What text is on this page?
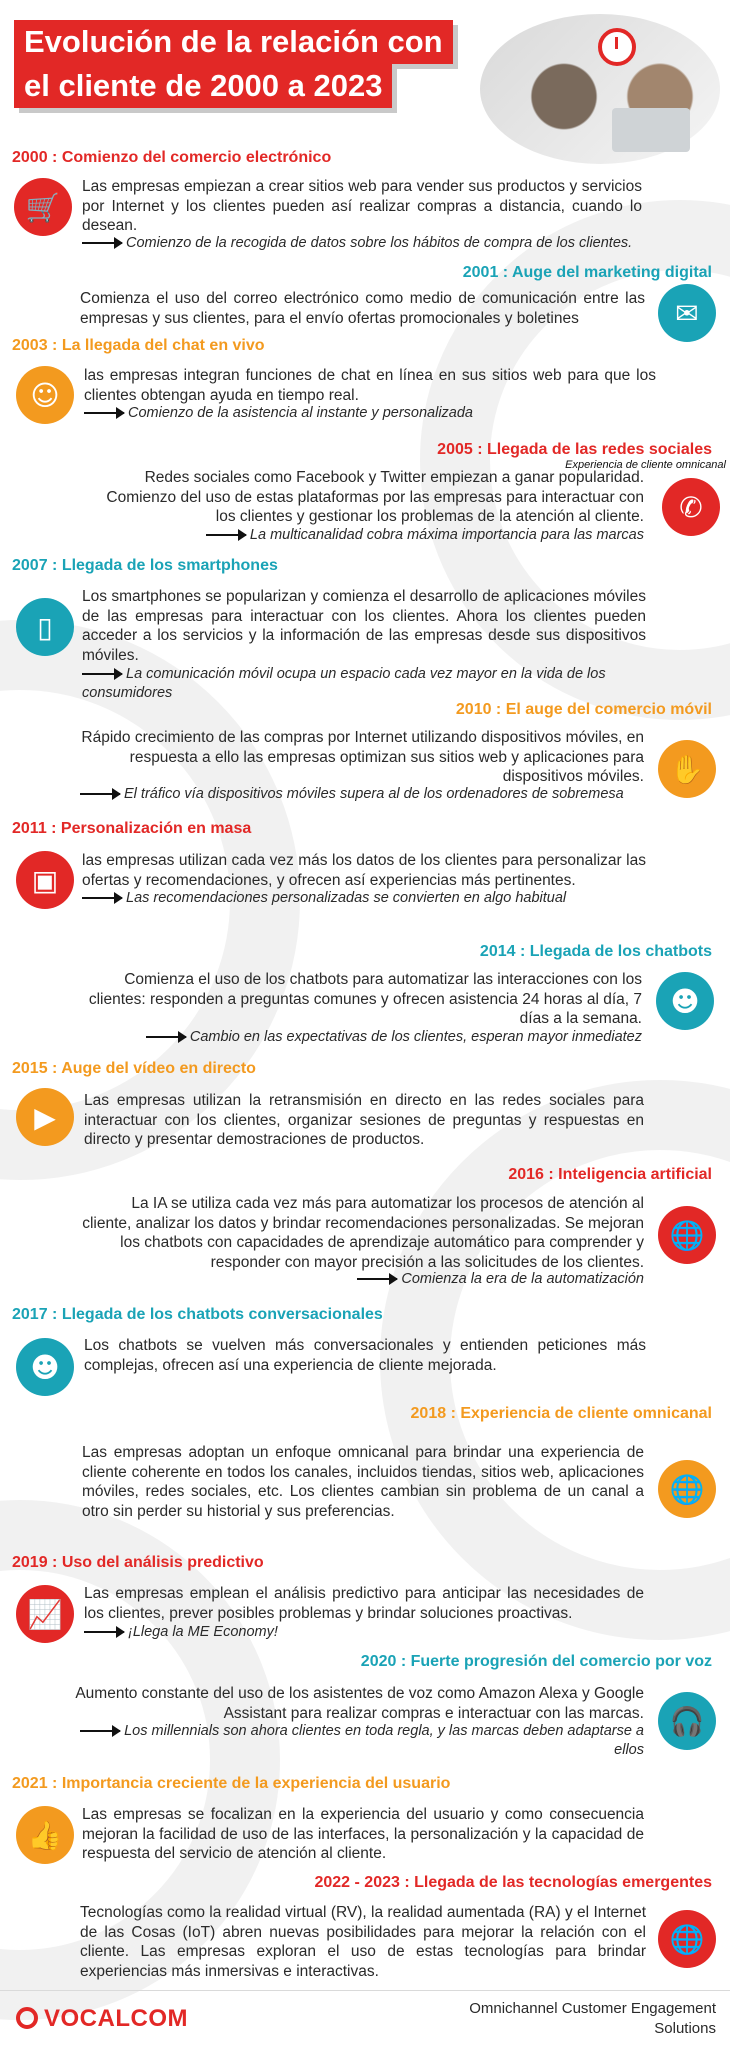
Evolución de la relación con
el cliente de 2000 a 2023
2000 : Comienzo del comercio electrónico
🛒
Las empresas empiezan a crear sitios web para vender sus productos y servicios por Internet y los clientes pueden así realizar compras a distancia, cuando lo desean.
Comienzo de la recogida de datos sobre los hábitos de compra de los clientes.
2001 : Auge del marketing digital
✉
Comienza el uso del correo electrónico como medio de comunicación entre las empresas y sus clientes, para el envío ofertas promocionales y boletines
2003 : La llegada del chat en vivo
☺
las empresas integran funciones de chat en línea en sus sitios web para que los clientes obtengan ayuda en tiempo real.
Comienzo de la asistencia al instante y personalizada
2005 : Llegada de las redes sociales
Experiencia de cliente omnicanal
✆
Redes sociales como Facebook y Twitter empiezan a ganar popularidad. Comienzo del uso de estas plataformas por las empresas para interactuar con los clientes y gestionar los problemas de la atención al cliente.
La multicanalidad cobra máxima importancia para las marcas
2007 : Llegada de los smartphones
▯
Los smartphones se popularizan y comienza el desarrollo de aplicaciones móviles de las empresas para interactuar con los clientes. Ahora los clientes pueden acceder a los servicios y la información de las empresas desde sus dispositivos móviles.
La comunicación móvil ocupa un espacio cada vez mayor en la vida de los consumidores
2010 : El auge del comercio móvil
✋
Rápido crecimiento de las compras por Internet utilizando dispositivos móviles, en respuesta a ello las empresas optimizan sus sitios web y aplicaciones para dispositivos móviles.
El tráfico vía dispositivos móviles supera al de los ordenadores de sobremesa
2011 : Personalización en masa
▣
las empresas utilizan cada vez más los datos de los clientes para personalizar las ofertas y recomendaciones, y ofrecen así experiencias más pertinentes.
Las recomendaciones personalizadas se convierten en algo habitual
2014 : Llegada de los chatbots
☻
Comienza el uso de los chatbots para automatizar las interacciones con los clientes: responden a preguntas comunes y ofrecen asistencia 24 horas al día, 7 días a la semana.
Cambio en las expectativas de los clientes, esperan mayor inmediatez
2015 : Auge del vídeo en directo
▶	Las empresas utilizan la retransmisión en directo en las redes sociales para interactuar con los clientes, organizar sesiones de preguntas y respuestas en directo y presentar demostraciones de productos.
2016 : Inteligencia artificial
🌐
La IA se utiliza cada vez más para automatizar los procesos de atención al cliente, analizar los datos y brindar recomendaciones personalizadas. Se mejoran los chatbots con capacidades de aprendizaje automático para comprender y responder con mayor precisión a las solicitudes de los clientes.
Comienza la era de la automatización
2017 : Llegada de los chatbots conversacionales
☻
Los chatbots se vuelven más conversacionales y entienden peticiones más complejas, ofrecen así una experiencia de cliente mejorada.
2018 : Experiencia de cliente omnicanal
🌐
Las empresas adoptan un enfoque omnicanal para brindar una experiencia de cliente coherente en todos los canales, incluidos tiendas, sitios web, aplicaciones móviles, redes sociales, etc. Los clientes cambian sin problema de un canal a otro sin perder su historial y sus preferencias.
2019 : Uso del análisis predictivo
📈
Las empresas emplean el análisis predictivo para anticipar las necesidades de los clientes, prever posibles problemas y brindar soluciones proactivas.
¡Llega la ME Economy!
2020 : Fuerte progresión del comercio por voz
🎧
Aumento constante del uso de los asistentes de voz como Amazon Alexa y Google Assistant para realizar compras e interactuar con las marcas.
Los millennials son ahora clientes en toda regla, y las marcas deben adaptarse a ellos
2021 : Importancia creciente de la experiencia del usuario
👍
Las empresas se focalizan en la experiencia del usuario y como consecuencia mejoran la facilidad de uso de las interfaces, la personalización y la capacidad de respuesta del servicio de atención al cliente.
2022 - 2023 : Llegada de las tecnologías emergentes
🌐
Tecnologías como la realidad virtual (RV), la realidad aumentada (RA) y el Internet de las Cosas (IoT) abren nuevas posibilidades para mejorar la relación con el cliente. Las empresas exploran el uso de estas tecnologías para brindar experiencias más inmersivas e interactivas.
VOCALCOM	Omnichannel Customer Engagement
Solutions
